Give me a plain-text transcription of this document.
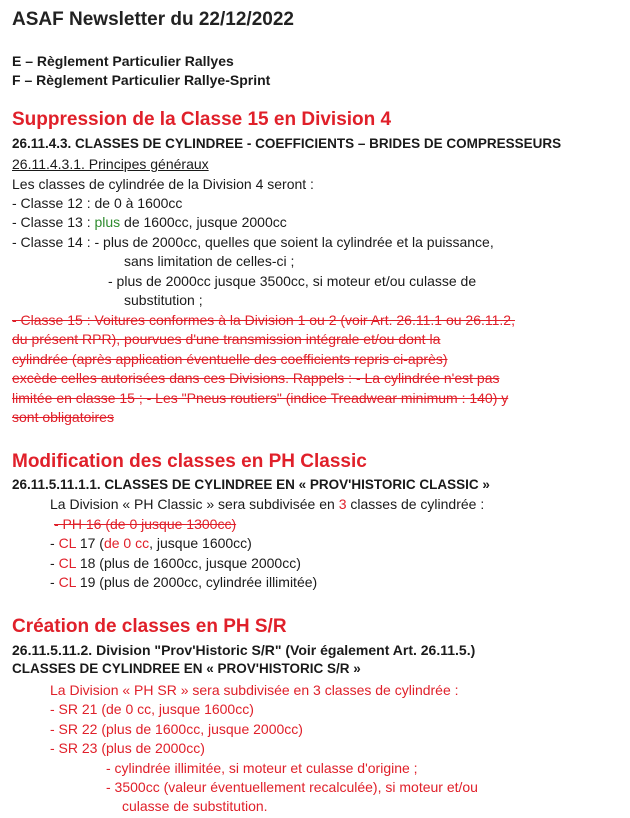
ASAF Newsletter du 22/12/2022
E – Règlement Particulier Rallyes
F – Règlement Particulier Rallye-Sprint
Suppression de la Classe 15 en Division 4
26.11.4.3. CLASSES DE CYLINDREE - COEFFICIENTS – BRIDES DE COMPRESSEURS
26.11.4.3.1. Principes généraux
Les classes de cylindrée de la Division 4 seront :
- Classe 12 : de 0 à 1600cc
- Classe 13 : plus de 1600cc, jusque 2000cc
- Classe 14 : - plus de 2000cc, quelles que soient la cylindrée et la puissance,
sans limitation de celles-ci ;
- plus de 2000cc jusque 3500cc, si moteur et/ou culasse de
substitution ;
- Classe 15 : Voitures conformes à la Division 1 ou 2 (voir Art. 26.11.1 ou 26.11.2,
du présent RPR), pourvues d'une transmission intégrale et/ou dont la
cylindrée (après application éventuelle des coefficients repris ci-après)
excède celles autorisées dans ces Divisions. Rappels : - La cylindrée n'est pas
limitée en classe 15 ; - Les "Pneus routiers" (indice Treadwear minimum : 140) y
sont obligatoires
Modification des classes en PH Classic
26.11.5.11.1.1. CLASSES DE CYLINDREE EN « PROV'HISTORIC CLASSIC »
La Division « PH Classic » sera subdivisée en 3 classes de cylindrée :
- PH 16 (de 0 jusque 1300cc)
- CL 17 (de 0 cc, jusque 1600cc)
- CL 18 (plus de 1600cc, jusque 2000cc)
- CL 19 (plus de 2000cc, cylindrée illimitée)
Création de classes en PH S/R
26.11.5.11.2. Division "Prov'Historic S/R" (Voir également Art. 26.11.5.)
CLASSES DE CYLINDREE EN « PROV'HISTORIC S/R »
La Division « PH SR » sera subdivisée en 3 classes de cylindrée :
- SR 21 (de 0 cc, jusque 1600cc)
- SR 22 (plus de 1600cc, jusque 2000cc)
- SR 23 (plus de 2000cc)
- cylindrée illimitée, si moteur et culasse d'origine ;
- 3500cc (valeur éventuellement recalculée), si moteur et/ou
culasse de substitution.
